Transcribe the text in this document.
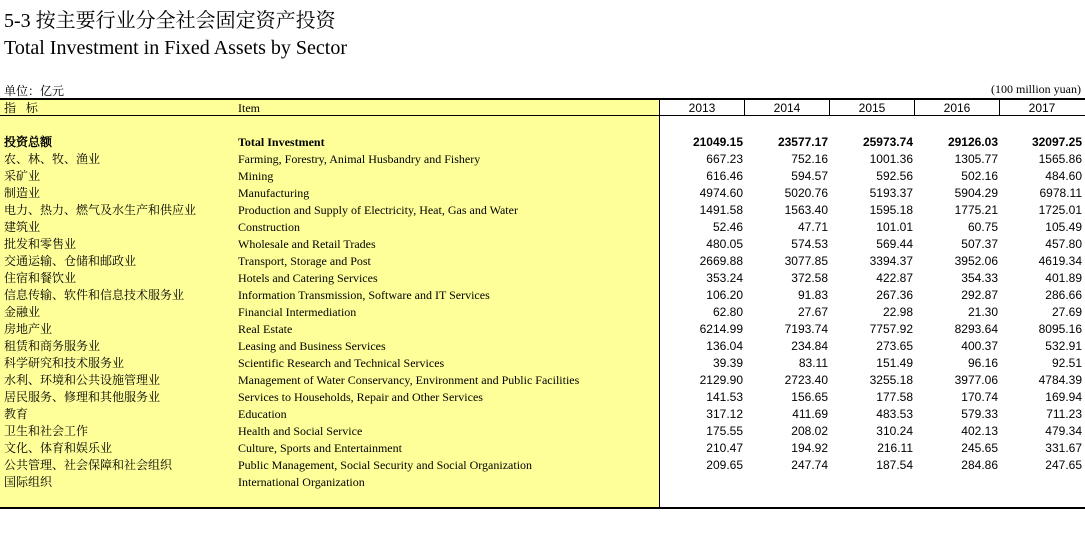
5-3 按主要行业分全社会固定资产投资
Total Investment in Fixed Assets by Sector
单位：亿元	(100 million yuan)
指 标	Item	2013	2014	2015	2016	2017
投资总额	Total Investment	21049.15	23577.17	25973.74	29126.03	32097.25
农、林、牧、渔业	Farming, Forestry, Animal Husbandry and Fishery	667.23	752.16	1001.36	1305.77	1565.86
采矿业	Mining	616.46	594.57	592.56	502.16	484.60
制造业	Manufacturing	4974.60	5020.76	5193.37	5904.29	6978.11
电力、热力、燃气及水生产和供应业	Production and Supply of Electricity, Heat, Gas and Water	1491.58	1563.40	1595.18	1775.21	1725.01
建筑业	Construction	52.46	47.71	101.01	60.75	105.49
批发和零售业	Wholesale and Retail Trades	480.05	574.53	569.44	507.37	457.80
交通运输、仓储和邮政业	Transport, Storage and Post	2669.88	3077.85	3394.37	3952.06	4619.34
住宿和餐饮业	Hotels and Catering Services	353.24	372.58	422.87	354.33	401.89
信息传输、软件和信息技术服务业	Information Transmission, Software and IT Services	106.20	91.83	267.36	292.87	286.66
金融业	Financial Intermediation	62.80	27.67	22.98	21.30	27.69
房地产业	Real Estate	6214.99	7193.74	7757.92	8293.64	8095.16
租赁和商务服务业	Leasing and Business Services	136.04	234.84	273.65	400.37	532.91
科学研究和技术服务业	Scientific Research and Technical Services	39.39	83.11	151.49	96.16	92.51
水利、环境和公共设施管理业	Management of Water Conservancy, Environment and Public Facilities	2129.90	2723.40	3255.18	3977.06	4784.39
居民服务、修理和其他服务业	Services to Households, Repair and Other Services	141.53	156.65	177.58	170.74	169.94
教育	Education	317.12	411.69	483.53	579.33	711.23
卫生和社会工作	Health and Social Service	175.55	208.02	310.24	402.13	479.34
文化、体育和娱乐业	Culture, Sports and Entertainment	210.47	194.92	216.11	245.65	331.67
公共管理、社会保障和社会组织	Public Management, Social Security and Social Organization	209.65	247.74	187.54	284.86	247.65
国际组织	International Organization
